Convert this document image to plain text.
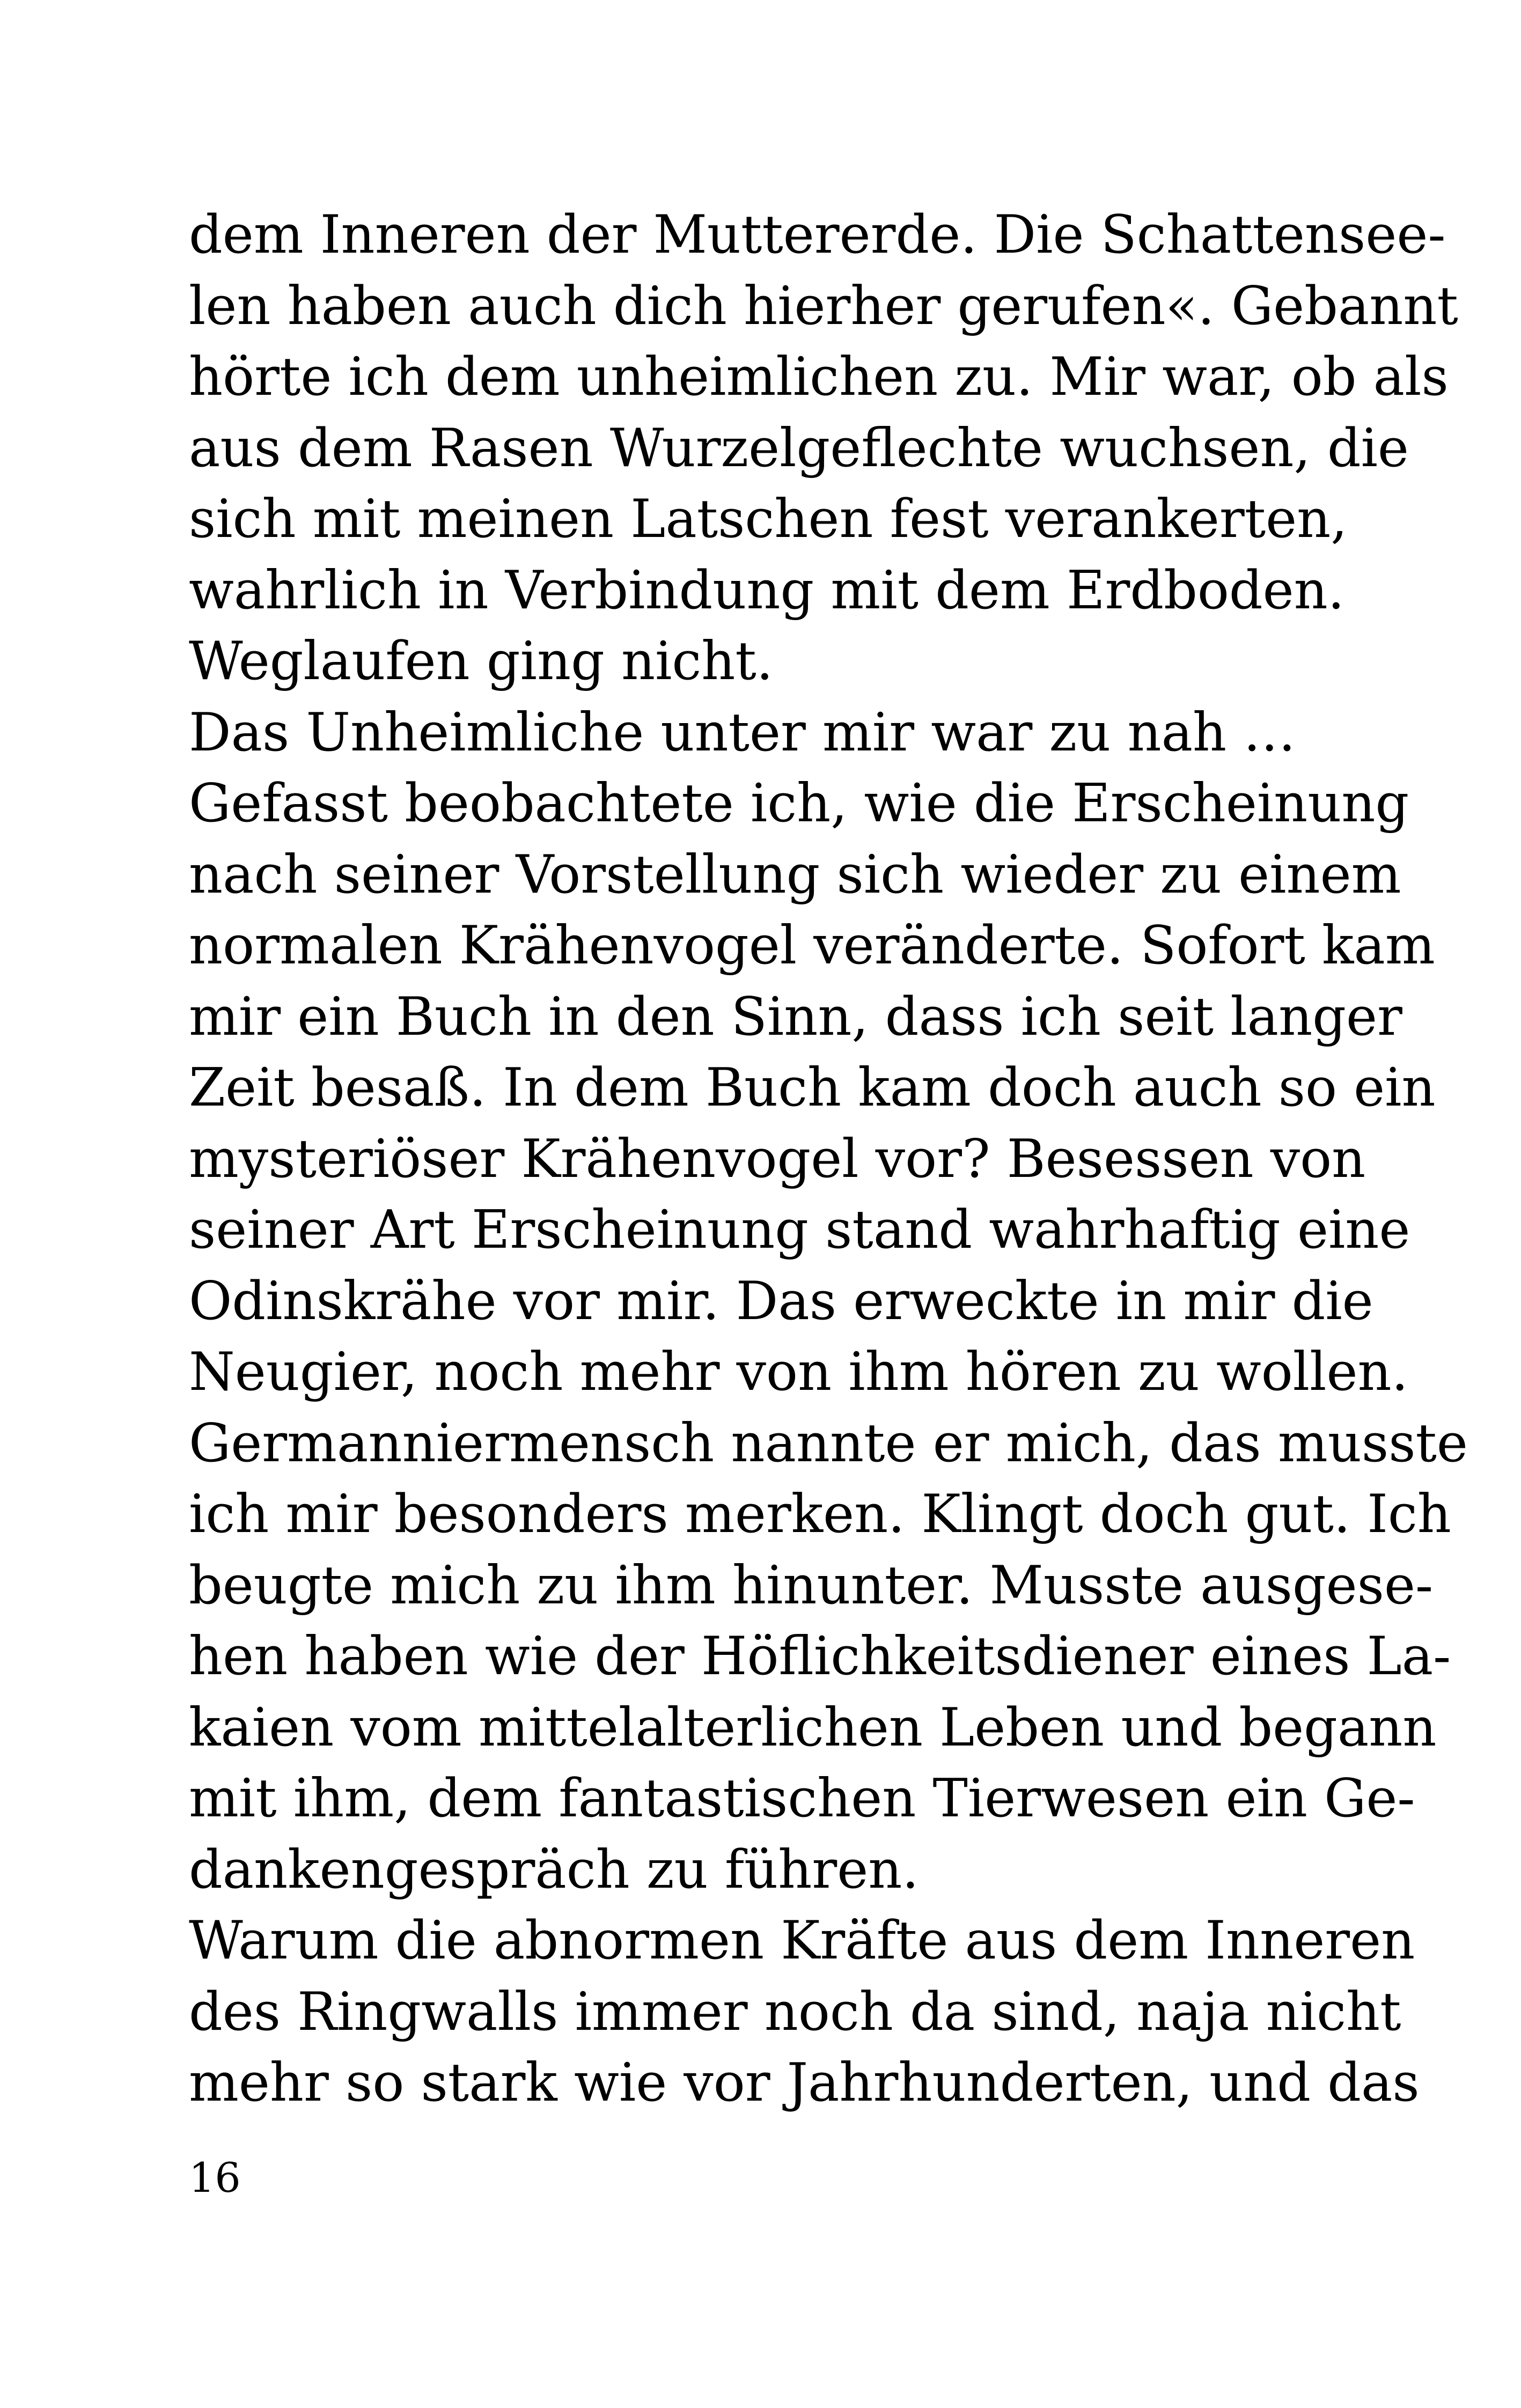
dem Inneren der Muttererde. Die Schattensee-
len haben auch dich hierher gerufen«. Gebannt
hörte ich dem unheimlichen zu. Mir war, ob als
aus dem Rasen Wurzelgeflechte wuchsen, die
sich mit meinen Latschen fest verankerten,
wahrlich in Verbindung mit dem Erdboden.
Weglaufen ging nicht.
Das Unheimliche unter mir war zu nah …
Gefasst beobachtete ich, wie die Erscheinung
nach seiner Vorstellung sich wieder zu einem
normalen Krähenvogel veränderte. Sofort kam
mir ein Buch in den Sinn, dass ich seit langer
Zeit besaß. In dem Buch kam doch auch so ein
mysteriöser Krähenvogel vor? Besessen von
seiner Art Erscheinung stand wahrhaftig eine
Odinskrähe vor mir. Das erweckte in mir die
Neugier, noch mehr von ihm hören zu wollen.
Germanniermensch nannte er mich, das musste
ich mir besonders merken. Klingt doch gut. Ich
beugte mich zu ihm hinunter. Musste ausgese-
hen haben wie der Höflichkeitsdiener eines La-
kaien vom mittelalterlichen Leben und begann
mit ihm, dem fantastischen Tierwesen ein Ge-
dankengespräch zu führen.
Warum die abnormen Kräfte aus dem Inneren
des Ringwalls immer noch da sind, naja nicht
mehr so stark wie vor Jahrhunderten, und das
16
